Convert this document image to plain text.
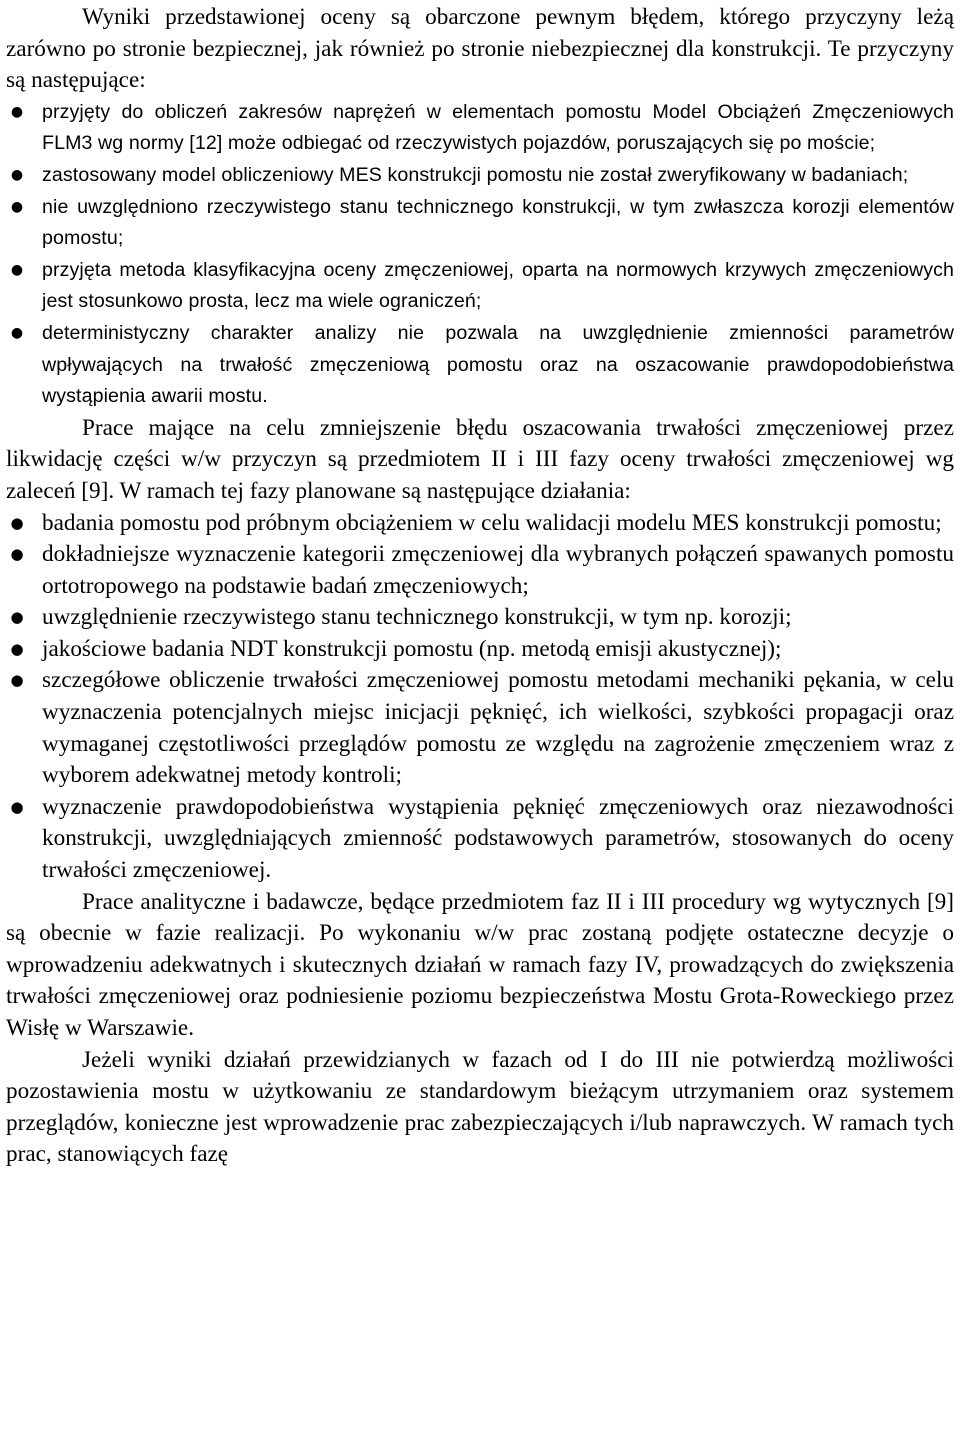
Wyniki przedstawionej oceny są obarczone pewnym błędem, którego przyczyny leżą zarówno po stronie bezpiecznej, jak również po stronie niebezpiecznej dla konstrukcji. Te przyczyny są następujące:

● przyjęty do obliczeń zakresów naprężeń w elementach pomostu Model Obciążeń Zmęczeniowych FLM3 wg normy [12] może odbiegać od rzeczywistych pojazdów, poruszających się po moście;
● zastosowany model obliczeniowy MES konstrukcji pomostu nie został zweryfikowany w badaniach;
● nie uwzględniono rzeczywistego stanu technicznego konstrukcji, w tym zwłaszcza korozji elementów pomostu;
● przyjęta metoda klasyfikacyjna oceny zmęczeniowej, oparta na normowych krzywych zmęczeniowych jest stosunkowo prosta, lecz ma wiele ograniczeń;
● deterministyczny charakter analizy nie pozwala na uwzględnienie zmienności parametrów wpływających na trwałość zmęczeniową pomostu oraz na oszacowanie prawdopodobieństwa wystąpienia awarii mostu.

Prace mające na celu zmniejszenie błędu oszacowania trwałości zmęczeniowej przez likwidację części w/w przyczyn są przedmiotem II i III fazy oceny trwałości zmęczeniowej wg zaleceń [9]. W ramach tej fazy planowane są następujące działania:

● badania pomostu pod próbnym obciążeniem w celu walidacji modelu MES konstrukcji pomostu;
● dokładniejsze wyznaczenie kategorii zmęczeniowej dla wybranych połączeń spawanych pomostu ortotropowego na podstawie badań zmęczeniowych;
● uwzględnienie rzeczywistego stanu technicznego konstrukcji, w tym np. korozji;
● jakościowe badania NDT konstrukcji pomostu (np. metodą emisji akustycznej);
● szczegółowe obliczenie trwałości zmęczeniowej pomostu metodami mechaniki pękania, w celu wyznaczenia potencjalnych miejsc inicjacji pęknięć, ich wielkości, szybkości propagacji oraz wymaganej częstotliwości przeglądów pomostu ze względu na zagrożenie zmęczeniem wraz z wyborem adekwatnej metody kontroli;
● wyznaczenie prawdopodobieństwa wystąpienia pęknięć zmęczeniowych oraz niezawodności konstrukcji, uwzględniających zmienność podstawowych parametrów, stosowanych do oceny trwałości zmęczeniowej.

Prace analityczne i badawcze, będące przedmiotem faz II i III procedury wg wytycznych [9] są obecnie w fazie realizacji. Po wykonaniu w/w prac zostaną podjęte ostateczne decyzje o wprowadzeniu adekwatnych i skutecznych działań w ramach fazy IV, prowadzących do zwiększenia trwałości zmęczeniowej oraz podniesienie poziomu bezpieczeństwa Mostu Grota-Roweckiego przez Wisłę w Warszawie.

Jeżeli wyniki działań przewidzianych w fazach od I do III nie potwierdzą możliwości pozostawienia mostu w użytkowaniu ze standardowym bieżącym utrzymaniem oraz systemem przeglądów, konieczne jest wprowadzenie prac zabezpieczających i/lub naprawczych. W ramach tych prac, stanowiących fazę
